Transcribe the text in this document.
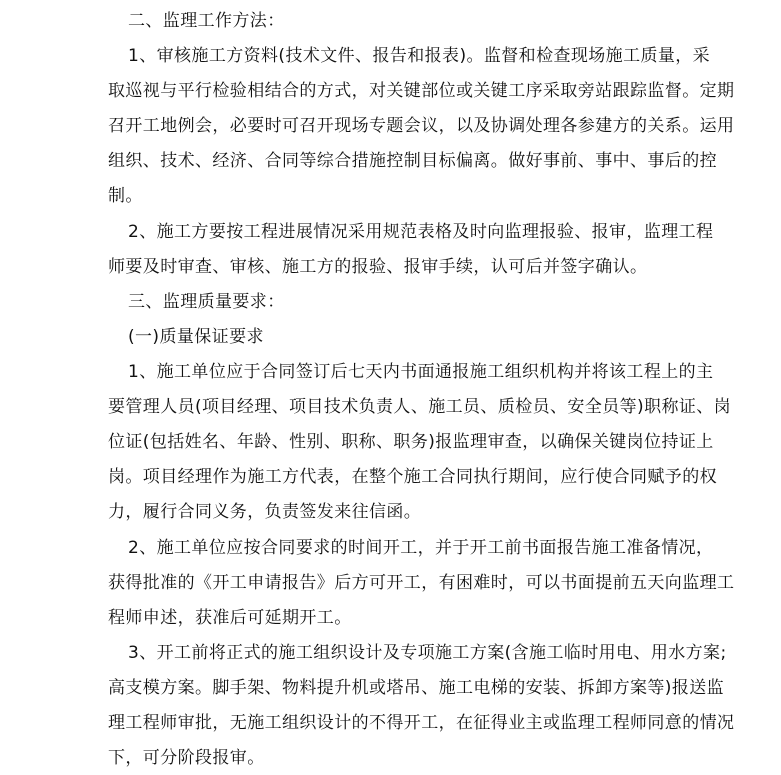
二、监理工作方法：
1、审核施工方资料(技术文件、报告和报表)。监督和检查现场施工质量，采
取巡视与平行检验相结合的方式，对关键部位或关键工序采取旁站跟踪监督。定期
召开工地例会，必要时可召开现场专题会议，以及协调处理各参建方的关系。运用
组织、技术、经济、合同等综合措施控制目标偏离。做好事前、事中、事后的控
制。
2、施工方要按工程进展情况采用规范表格及时向监理报验、报审，监理工程
师要及时审查、审核、施工方的报验、报审手续，认可后并签字确认。
三、监理质量要求：
(一)质量保证要求
1、施工单位应于合同签订后七天内书面通报施工组织机构并将该工程上的主
要管理人员(项目经理、项目技术负责人、施工员、质检员、安全员等)职称证、岗
位证(包括姓名、年龄、性别、职称、职务)报监理审查，以确保关键岗位持证上
岗。项目经理作为施工方代表，在整个施工合同执行期间，应行使合同赋予的权
力，履行合同义务，负责签发来往信函。
2、施工单位应按合同要求的时间开工，并于开工前书面报告施工准备情况，
获得批准的《开工申请报告》后方可开工，有困难时，可以书面提前五天向监理工
程师申述，获准后可延期开工。
3、开工前将正式的施工组织设计及专项施工方案(含施工临时用电、用水方案;
高支模方案。脚手架、物料提升机或塔吊、施工电梯的安装、拆卸方案等)报送监
理工程师审批，无施工组织设计的不得开工，在征得业主或监理工程师同意的情况
下，可分阶段报审。
